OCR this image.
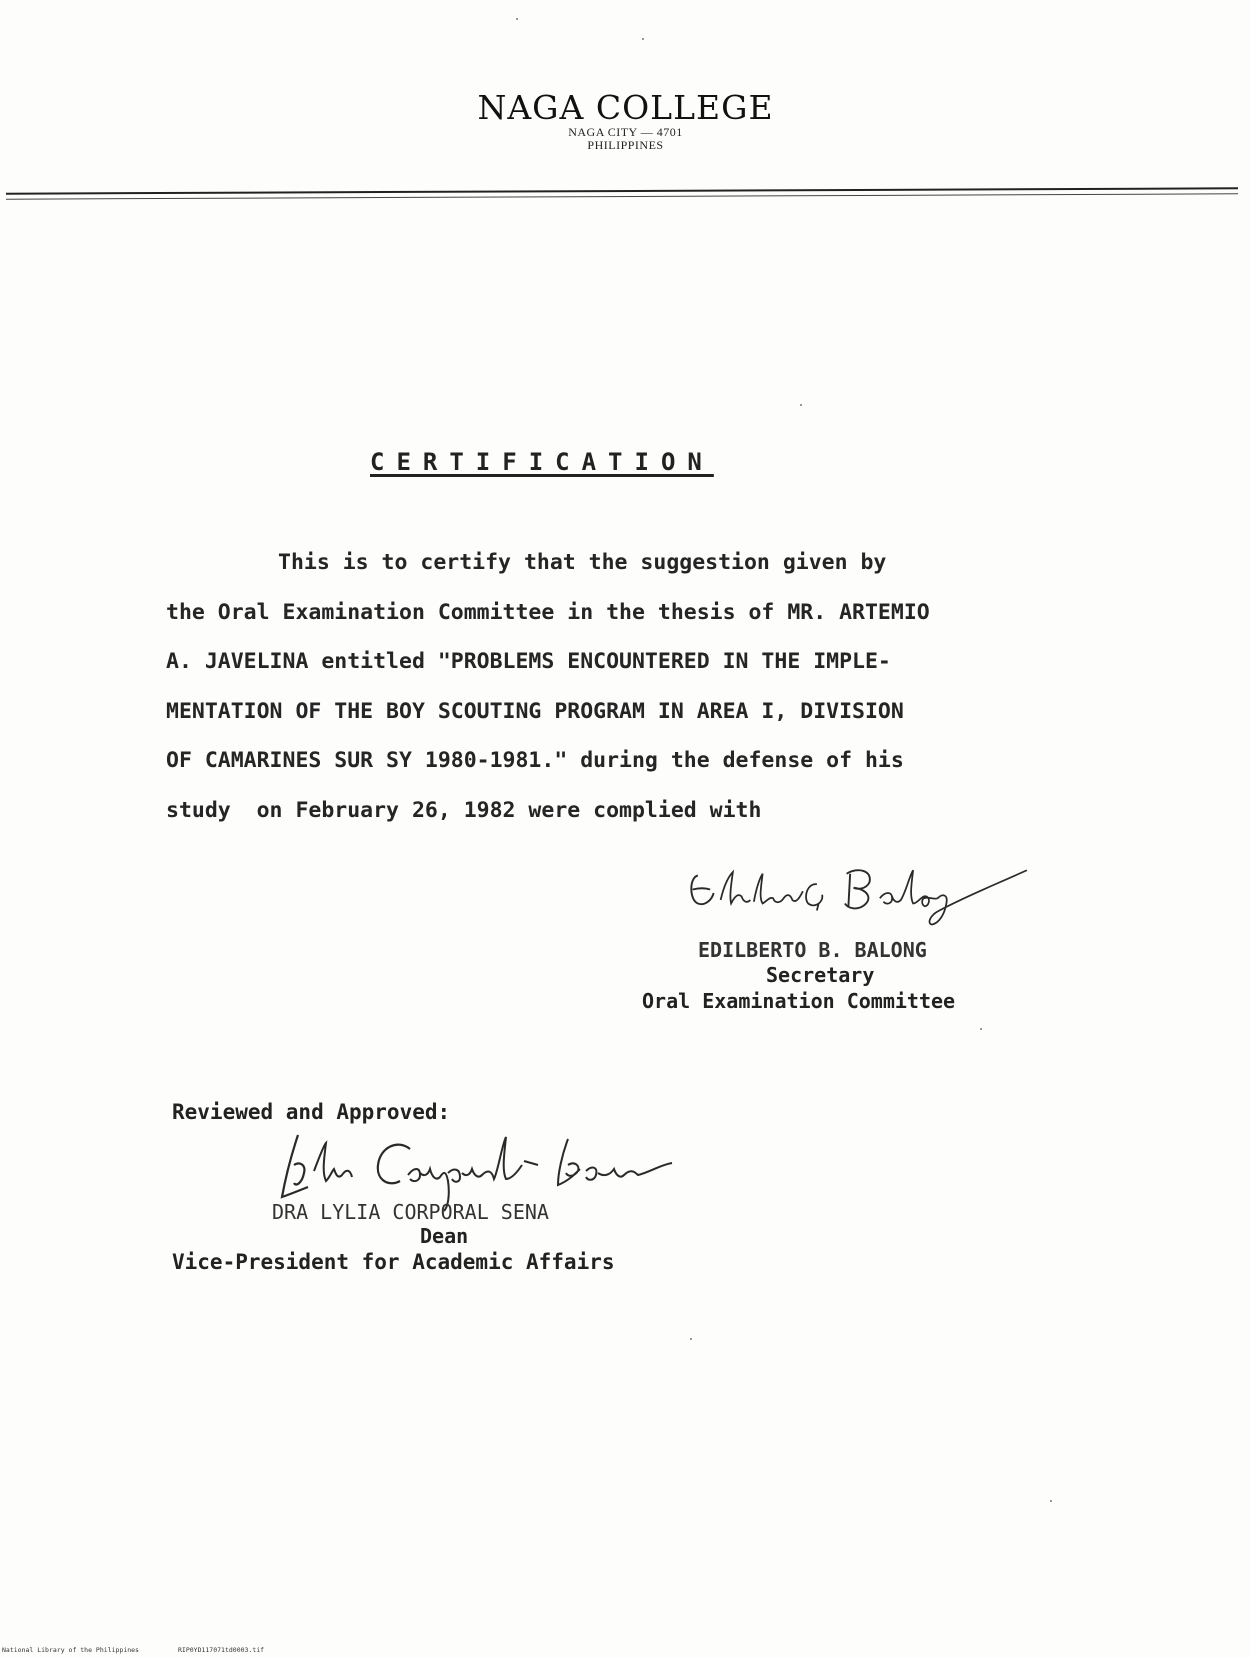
NAGA COLLEGE
NAGA CITY — 4701
PHILIPPINES
CERTIFICATION
This is to certify that the suggestion given by
the Oral Examination Committee in the thesis of MR. ARTEMIO
A. JAVELINA entitled "PROBLEMS ENCOUNTERED IN THE IMPLE-
MENTATION OF THE BOY SCOUTING PROGRAM IN AREA I, DIVISION
OF CAMARINES SUR SY 1980-1981." during the defense of his
study  on February 26, 1982 were complied with
EDILBERTO B. BALONG
Secretary
Oral Examination Committee
Reviewed and Approved:
DRA LYLIA CORPORAL SENA
Dean
Vice-President for Academic Affairs
National Library of the Philippines	RIP0YD117071td0003.tif
